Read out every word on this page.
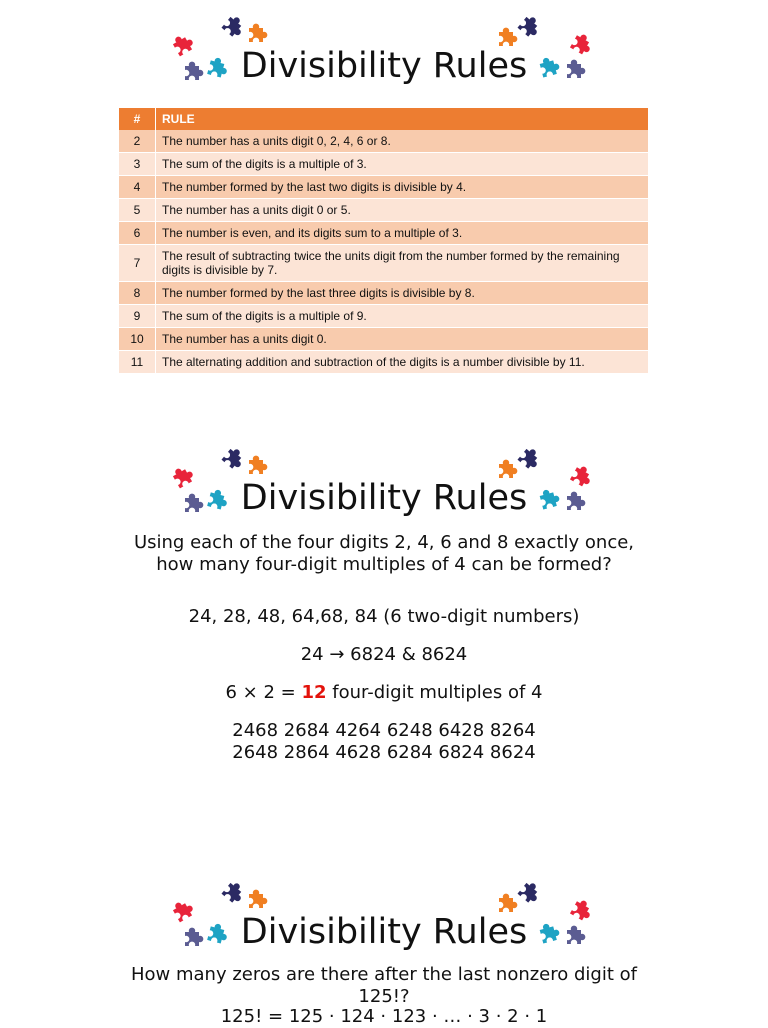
Divisibility Rules
#	RULE
2	The number has a units digit 0, 2, 4, 6 or 8.
3	The sum of the digits is a multiple of 3.
4	The number formed by the last two digits is divisible by 4.
5	The number has a units digit 0 or 5.
6	The number is even, and its digits sum to a multiple of 3.
7	The result of subtracting twice the units digit from the number formed by the remaining digits is divisible by 7.
8	The number formed by the last three digits is divisible by 8.
9	The sum of the digits is a multiple of 9.
10	The number has a units digit 0.
11	The alternating addition and subtraction of the digits is a number divisible by 11.
Divisibility Rules
Using each of the four digits 2, 4, 6 and 8 exactly once,
how many four-digit multiples of 4 can be formed?
24, 28, 48, 64,68, 84 (6 two-digit numbers)
24 → 6824 & 8624
6 × 2 = 12 four-digit multiples of 4
2468 2684 4264 6248 6428 8264
2648 2864 4628 6284 6824 8624
Divisibility Rules
How many zeros are there after the last nonzero digit of
125!?
125! = 125 · 124 · 123 · … · 3 · 2 · 1
